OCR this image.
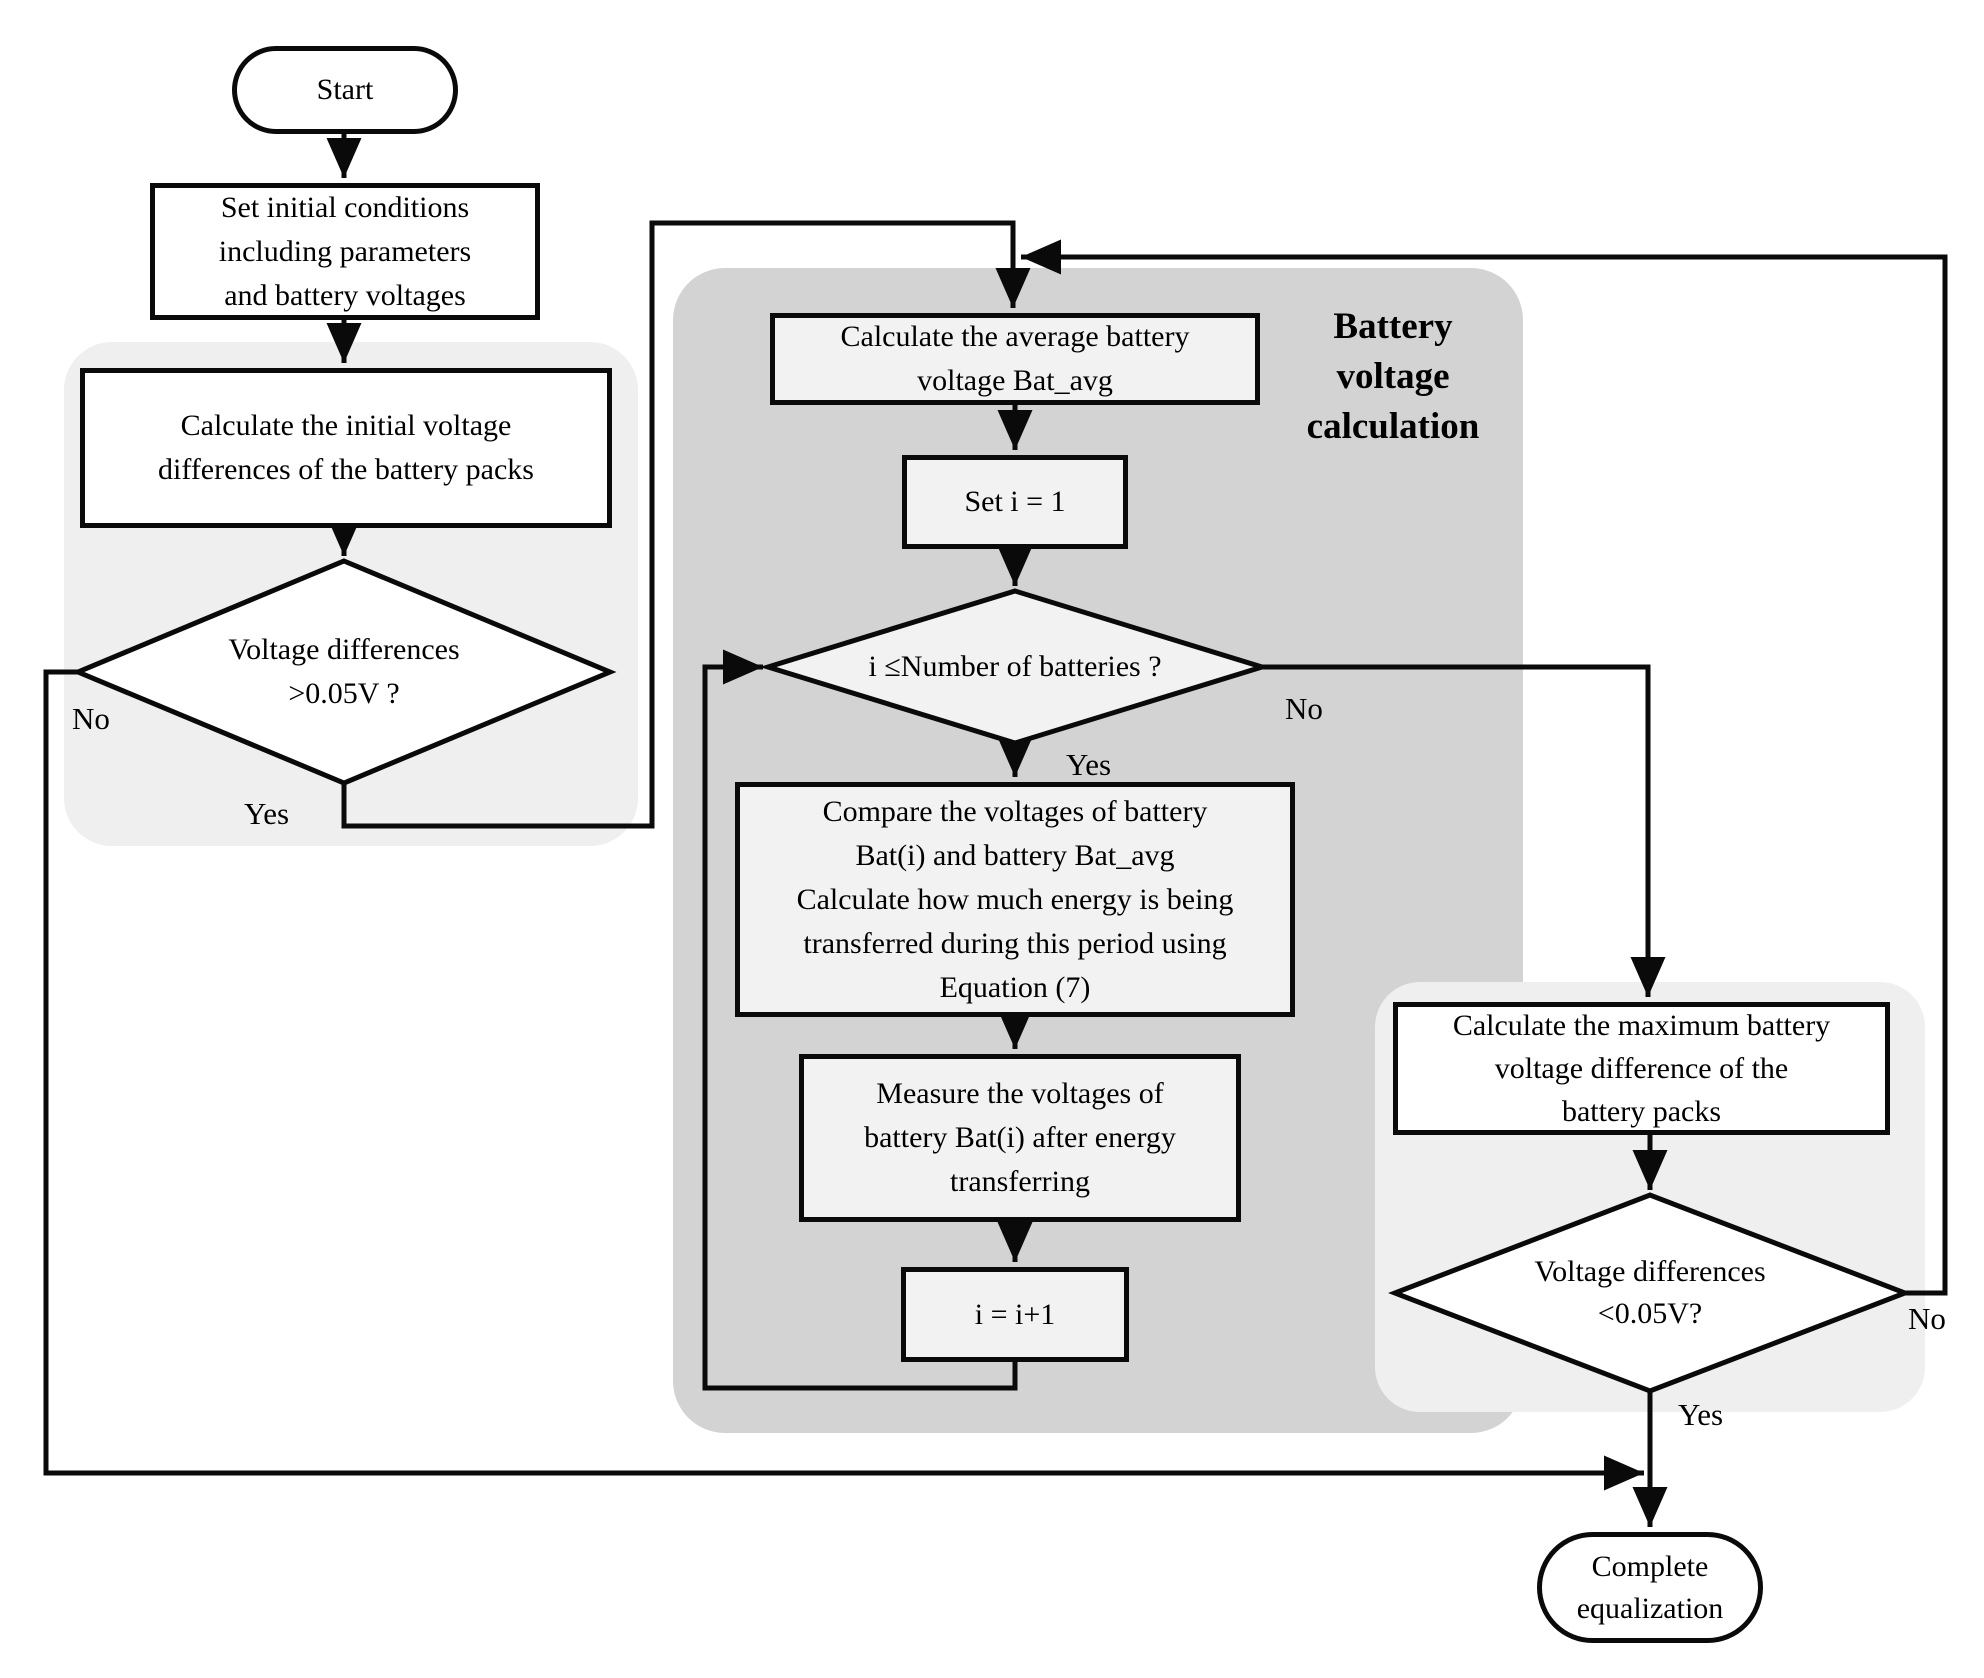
Start
Set initial conditions
including parameters
and battery voltages
Calculate the initial voltage
differences of the battery packs
Voltage differences
>0.05V ?
No
Yes
Battery
voltage
calculation
Calculate the average battery
voltage Bat_avg
Set i = 1
i ≤Number of batteries ?
No
Yes
Compare the voltages of battery
Bat(i) and battery Bat_avg
Calculate how much energy is being
transferred during this period using
Equation (7)
Measure the voltages of
battery Bat(i) after energy
transferring
i = i+1
Calculate the maximum battery
voltage difference of the
battery packs
Voltage differences
<0.05V?	No
Yes
Complete
equalization
